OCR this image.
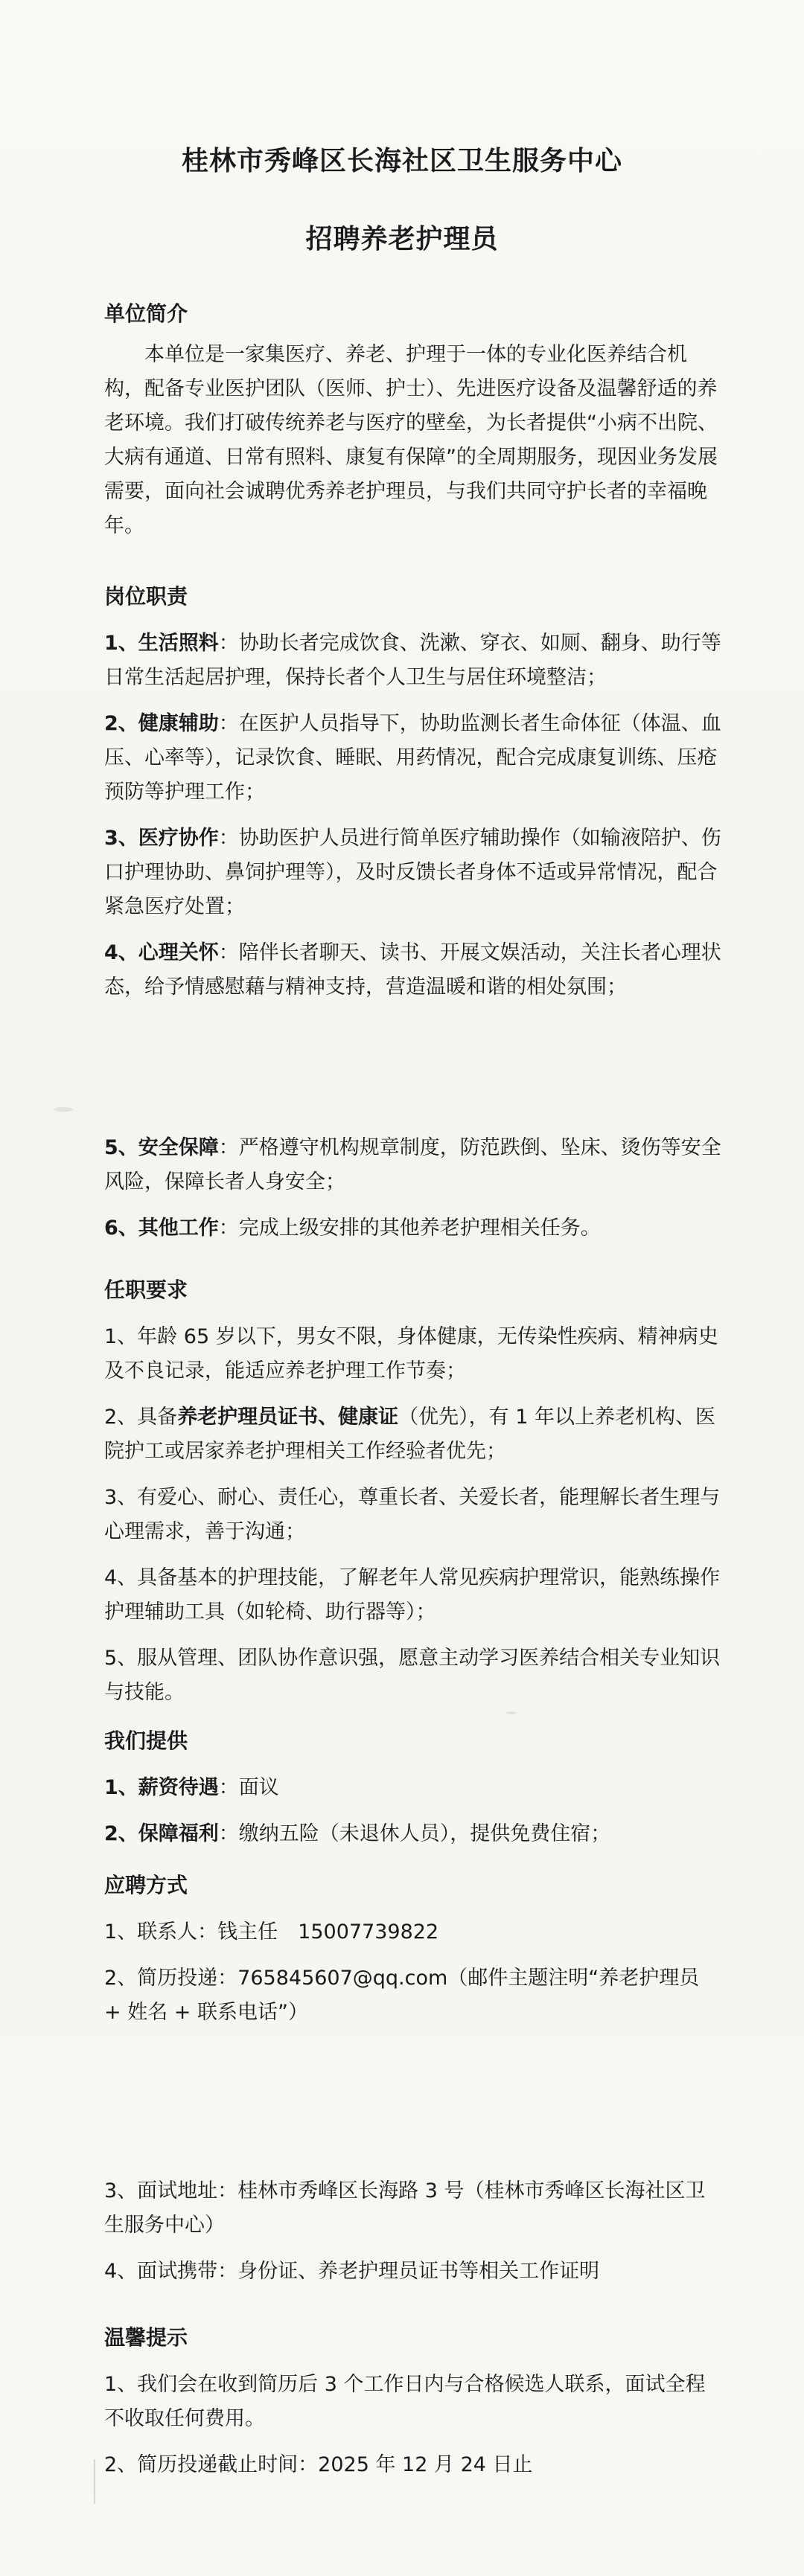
桂林市秀峰区长海社区卫生服务中心
招聘养老护理员
单位简介

本单位是一家集医疗、养老、护理于一体的专业化医养结合机构，配备专业医护团队（医师、护士）、先进医疗设备及温馨舒适的养老环境。我们打破传统养老与医疗的壁垒，为长者提供“小病不出院、大病有通道、日常有照料、康复有保障”的全周期服务，现因业务发展需要，面向社会诚聘优秀养老护理员，与我们共同守护长者的幸福晚年。

岗位职责

1、生活照料：协助长者完成饮食、洗漱、穿衣、如厕、翻身、助行等日常生活起居护理，保持长者个人卫生与居住环境整洁；

2、健康辅助：在医护人员指导下，协助监测长者生命体征（体温、血压、心率等），记录饮食、睡眠、用药情况，配合完成康复训练、压疮预防等护理工作；

3、医疗协作：协助医护人员进行简单医疗辅助操作（如输液陪护、伤口护理协助、鼻饲护理等），及时反馈长者身体不适或异常情况，配合紧急医疗处置；

4、心理关怀：陪伴长者聊天、读书、开展文娱活动，关注长者心理状态，给予情感慰藉与精神支持，营造温暖和谐的相处氛围；

5、安全保障：严格遵守机构规章制度，防范跌倒、坠床、烫伤等安全风险，保障长者人身安全；

6、其他工作：完成上级安排的其他养老护理相关任务。

任职要求

1、年龄 65 岁以下，男女不限，身体健康，无传染性疾病、精神病史及不良记录，能适应养老护理工作节奏；

2、具备养老护理员证书、健康证（优先），有 1 年以上养老机构、医院护工或居家养老护理相关工作经验者优先；

3、有爱心、耐心、责任心，尊重长者、关爱长者，能理解长者生理与心理需求，善于沟通；

4、具备基本的护理技能，了解老年人常见疾病护理常识，能熟练操作护理辅助工具（如轮椅、助行器等）；

5、服从管理、团队协作意识强，愿意主动学习医养结合相关专业知识与技能。

我们提供

1、薪资待遇：面议

2、保障福利：缴纳五险（未退休人员），提供免费住宿；

应聘方式

1、联系人：钱主任　15007739822

2、简历投递：765845607@qq.com（邮件主题注明“养老护理员 + 姓名 + 联系电话”）

3、面试地址：桂林市秀峰区长海路 3 号（桂林市秀峰区长海社区卫生服务中心）

4、面试携带：身份证、养老护理员证书等相关工作证明

温馨提示

1、我们会在收到简历后 3 个工作日内与合格候选人联系，面试全程不收取任何费用。

2、简历投递截止时间：2025 年 12 月 24 日止
